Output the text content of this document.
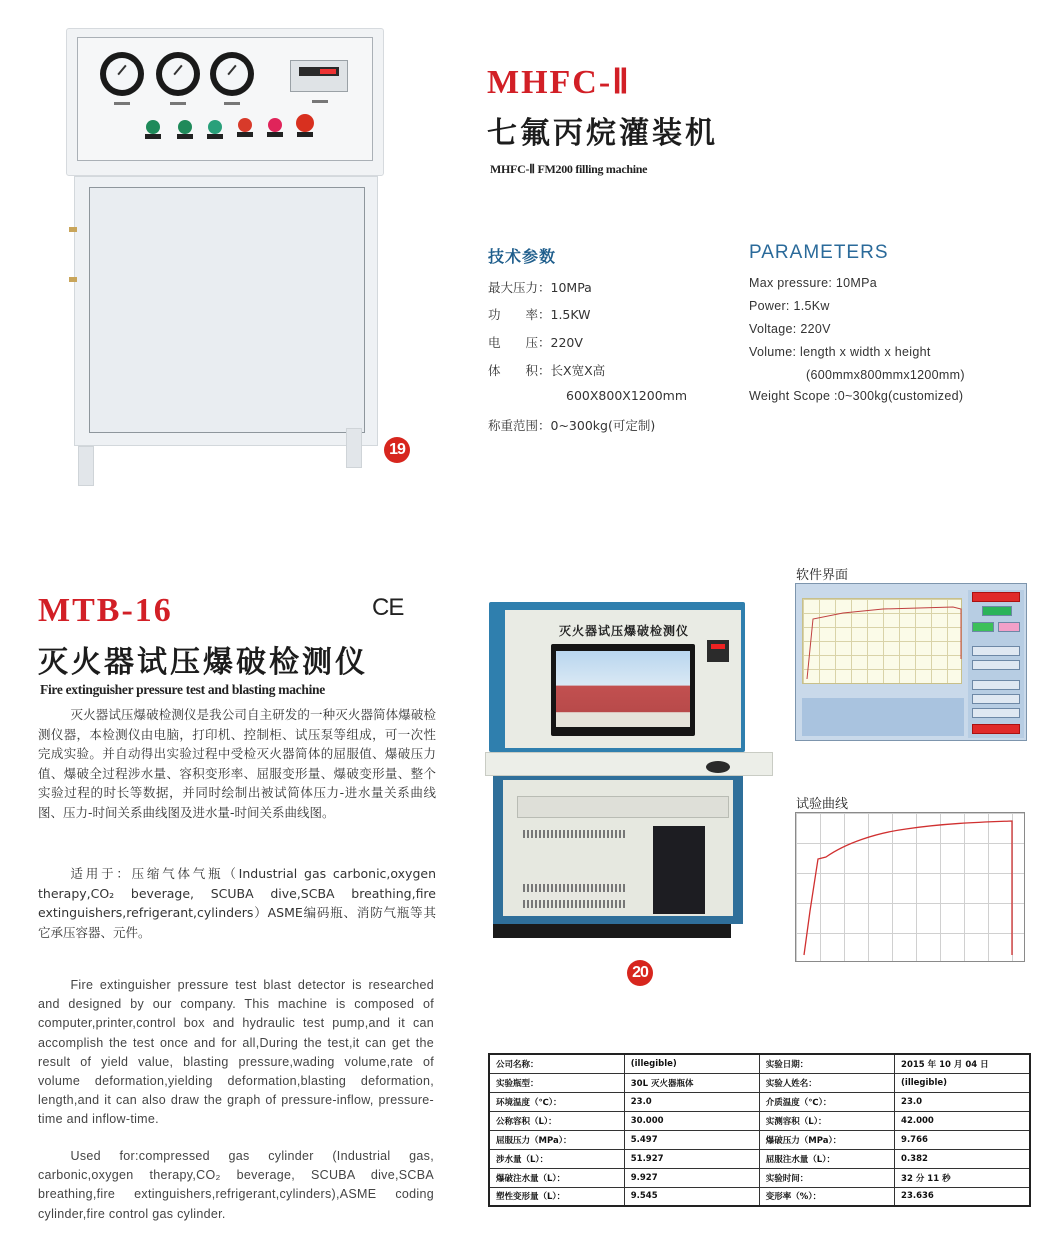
19
MHFC-Ⅱ
七氟丙烷灌装机
MHFC-Ⅱ FM200 filling machine
技术参数
最大压力：10MPa
功　　率：1.5KW
电　　压：220V
体　　积：长X宽X高
600X800X1200mm
称重范围：0~300kg(可定制)
PARAMETERS
Max pressure: 10MPa
Power: 1.5Kw
Voltage: 220V
Volume: length x width x height
(600mmx800mmx1200mm)
Weight Scope :0~300kg(customized)
MTB-16	CE
灭火器试压爆破检测仪
Fire extinguisher pressure test and blasting machine
灭火器试压爆破检测仪是我公司自主研发的一种灭火器简体爆破检测仪器，本检测仪由电脑，打印机、控制柜、试压泵等组成，可一次性完成实验。并自动得出实验过程中受检灭火器简体的屈服值、爆破压力值、爆破全过程涉水量、容积变形率、屈服变形量、爆破变形量、整个实验过程的时长等数据，并同时绘制出被试简体压力-进水量关系曲线图、压力-时间关系曲线图及进水量-时间关系曲线图。
适用于：压缩气体气瓶（Industrial gas carbonic,oxygen therapy,CO₂ beverage, SCUBA dive,SCBA breathing,fire extinguishers,refrigerant,cylinders）ASME编码瓶、消防气瓶等其它承压容器、元件。
Fire extinguisher pressure test blast detector is researched and designed by our company. This machine is composed of computer,printer,control box and hydraulic test pump,and it can accomplish the test once and for all,During the test,it can get the result of yield value, blasting pressure,wading volume,rate of volume deformation,yielding deformation,blasting deformation, length,and it can also draw the graph of pressure-inflow, pressure-time and inflow-time.
Used for:compressed gas cylinder (Industrial gas, carbonic,oxygen therapy,CO₂ beverage, SCUBA dive,SCBA breathing,fire extinguishers,refrigerant,cylinders),ASME coding cylinder,fire control gas cylinder.
灭火器试压爆破检测仪
20
软件界面
试验曲线
公司名称：	(illegible)	实验日期：	2015 年 10 月 04 日
实验瓶型：	30L 灭火器瓶体	实验人姓名：	(illegible)
环境温度（℃）：	23.0	介质温度（℃）：	23.0
公称容积（L）：	30.000	实测容积（L）：	42.000
屈服压力（MPa）：	5.497	爆破压力（MPa）：	9.766
涉水量（L）：	51.927	屈服注水量（L）：	0.382
爆破注水量（L）：	9.927	实验时间：	32 分 11 秒
塑性变形量（L）：	9.545	变形率（%）：	23.636
